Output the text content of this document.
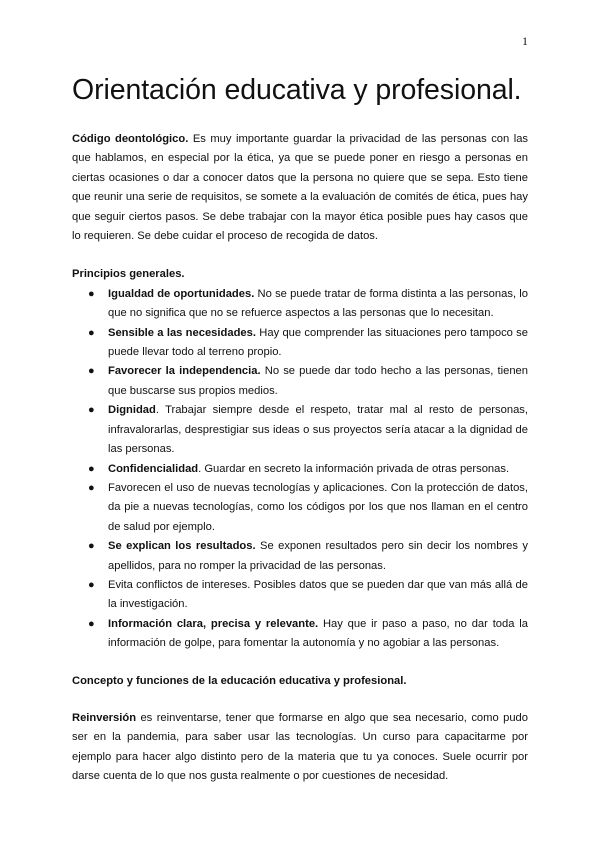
1
Orientación educativa y profesional.

Código deontológico. Es muy importante guardar la privacidad de las personas con las que hablamos, en especial por la ética, ya que se puede poner en riesgo a personas en ciertas ocasiones o dar a conocer datos que la persona no quiere que se sepa. Esto tiene que reunir una serie de requisitos, se somete a la evaluación de comités de ética, pues hay que seguir ciertos pasos. Se debe trabajar con la mayor ética posible pues hay casos que lo requieren. Se debe cuidar el proceso de recogida de datos.

Principios generales.
● Igualdad de oportunidades. No se puede tratar de forma distinta a las personas, lo que no significa que no se refuerce aspectos a las personas que lo necesitan.
● Sensible a las necesidades. Hay que comprender las situaciones pero tampoco se puede llevar todo al terreno propio.
● Favorecer la independencia. No se puede dar todo hecho a las personas, tienen que buscarse sus propios medios.
● Dignidad. Trabajar siempre desde el respeto, tratar mal al resto de personas, infravalorarlas, desprestigiar sus ideas o sus proyectos sería atacar a la dignidad de las personas.
● Confidencialidad. Guardar en secreto la información privada de otras personas.
● Favorecen el uso de nuevas tecnologías y aplicaciones. Con la protección de datos, da pie a nuevas tecnologías, como los códigos por los que nos llaman en el centro de salud por ejemplo.
● Se explican los resultados. Se exponen resultados pero sin decir los nombres y apellidos, para no romper la privacidad de las personas.
● Evita conflictos de intereses. Posibles datos que se pueden dar que van más allá de la investigación.
● Información clara, precisa y relevante. Hay que ir paso a paso, no dar toda la información de golpe, para fomentar la autonomía y no agobiar a las personas.
Concepto y funciones de la educación educativa y profesional.

Reinversión es reinventarse, tener que formarse en algo que sea necesario, como pudo ser en la pandemia, para saber usar las tecnologías. Un curso para capacitarme por ejemplo para hacer algo distinto pero de la materia que tu ya conoces. Suele ocurrir por darse cuenta de lo que nos gusta realmente o por cuestiones de necesidad.
